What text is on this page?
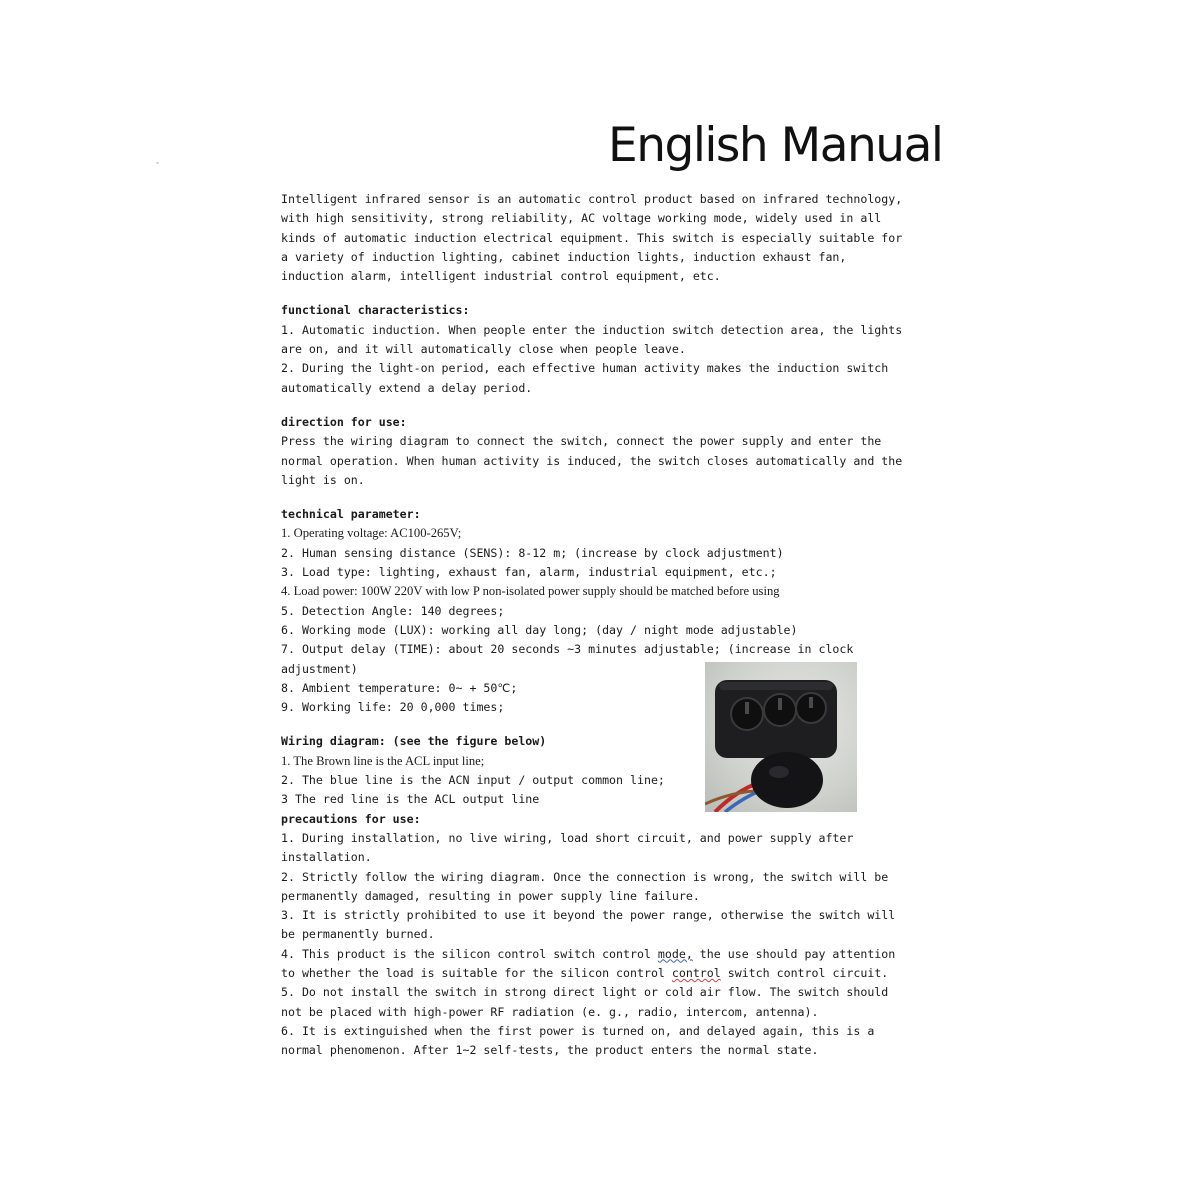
English Manual
Intelligent infrared sensor is an automatic control product based on infrared technology,
with high sensitivity, strong reliability, AC voltage working mode, widely used in all
kinds of automatic induction electrical equipment. This switch is especially suitable for
a variety of induction lighting, cabinet induction lights, induction exhaust fan,
induction alarm, intelligent industrial control equipment, etc.
functional characteristics:
1. Automatic induction. When people enter the induction switch detection area, the lights
are on, and it will automatically close when people leave.
2. During the light-on period, each effective human activity makes the induction switch
automatically extend a delay period.
direction for use:
Press the wiring diagram to connect the switch, connect the power supply and enter the
normal operation. When human activity is induced, the switch closes automatically and the
light is on.
technical parameter:
1. Operating voltage: AC100-265V;
2. Human sensing distance (SENS): 8-12 m; (increase by clock adjustment)
3. Load type: lighting, exhaust fan, alarm, industrial equipment, etc.;
4. Load power: 100W 220V with low P non-isolated power supply should be matched before using
5. Detection Angle: 140 degrees;
6. Working mode (LUX): working all day long; (day / night mode adjustable)
7. Output delay (TIME): about 20 seconds ~3 minutes adjustable; (increase in clock
adjustment)
8. Ambient temperature: 0~ + 50℃;
9. Working life: 20 0,000 times;
Wiring diagram: (see the figure below)
1. The Brown line is the ACL input line;
2. The blue line is the ACN input / output common line;
3 The red line is the ACL output line
precautions for use:
1. During installation, no live wiring, load short circuit, and power supply after
installation.
2. Strictly follow the wiring diagram. Once the connection is wrong, the switch will be
permanently damaged, resulting in power supply line failure.
3. It is strictly prohibited to use it beyond the power range, otherwise the switch will
be permanently burned.
4. This product is the silicon control switch control mode, the use should pay attention
to whether the load is suitable for the silicon control control switch control circuit.
5. Do not install the switch in strong direct light or cold air flow. The switch should
not be placed with high-power RF radiation (e. g., radio, intercom, antenna).
6. It is extinguished when the first power is turned on, and delayed again, this is a
normal phenomenon. After 1~2 self-tests, the product enters the normal state.
